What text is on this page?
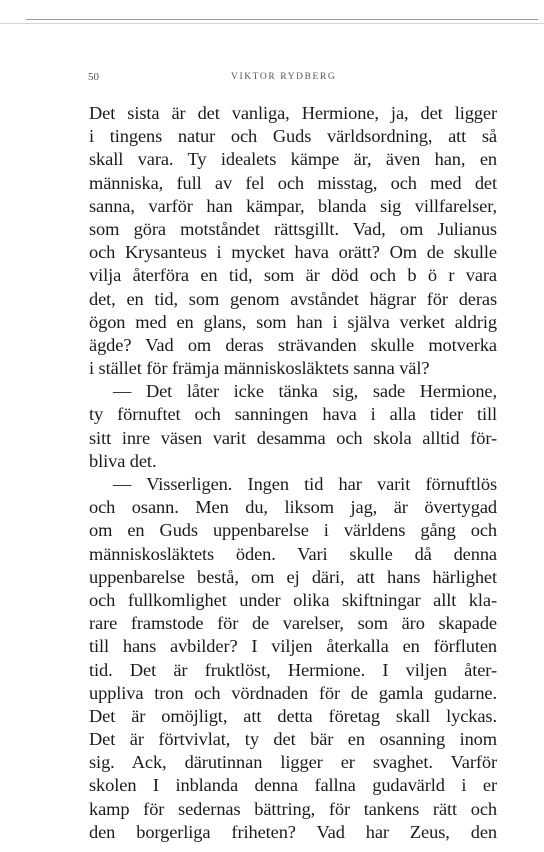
50	VIKTOR RYDBERG
Det sista är det vanliga, Hermione, ja, det ligger
i tingens natur och Guds världsordning, att så
skall vara. Ty idealets kämpe är, även han, en
människa, full av fel och misstag, och med det
sanna, varför han kämpar, blanda sig villfarelser,
som göra motståndet rättsgillt. Vad, om Julianus
och Krysanteus i mycket hava orätt? Om de skulle
vilja återföra en tid, som är död och b ö r vara
det, en tid, som genom avståndet hägrar för deras
ögon med en glans, som han i själva verket aldrig
ägde? Vad om deras strävanden skulle motverka
i stället för främja människosläktets sanna väl?
— Det låter icke tänka sig, sade Hermione,
ty förnuftet och sanningen hava i alla tider till
sitt inre väsen varit desamma och skola alltid för-
bliva det.
— Visserligen. Ingen tid har varit förnuftlös
och osann. Men du, liksom jag, är övertygad
om en Guds uppenbarelse i världens gång och
människosläktets öden. Vari skulle då denna
uppenbarelse bestå, om ej däri, att hans härlighet
och fullkomlighet under olika skiftningar allt kla-
rare framstode för de varelser, som äro skapade
till hans avbilder? I viljen återkalla en förfluten
tid. Det är fruktlöst, Hermione. I viljen åter-
uppliva tron och vördnaden för de gamla gudarne.
Det är omöjligt, att detta företag skall lyckas.
Det är förtvivlat, ty det bär en osanning inom
sig. Ack, därutinnan ligger er svaghet. Varför
skolen I inblanda denna fallna gudavärld i er
kamp för sedernas bättring, för tankens rätt och
den borgerliga friheten? Vad har Zeus, den
